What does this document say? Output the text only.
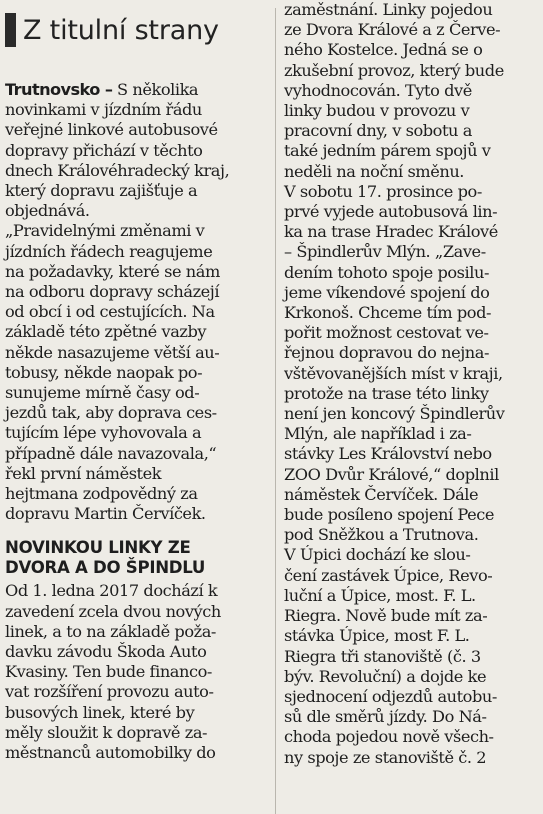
Z titulní strany

Trutnovsko – S několika
novinkami v jízdním řádu
veřejné linkové autobusové
dopravy přichází v těchto
dnech Královéhradecký kraj,
který dopravu zajišťuje a
objednává.

„Pravidelnými změnami v
jízdních řádech reagujeme
na požadavky, které se nám
na odboru dopravy scházejí
od obcí i od cestujících. Na
základě této zpětné vazby
někde nasazujeme větší au-
tobusy, někde naopak po-
sunujeme mírně časy od-
jezdů tak, aby doprava ces-
tujícím lépe vyhovovala a
případně dále navazovala,“
řekl první náměstek
hejtmana zodpovědný za
dopravu Martin Červíček.

NOVINKOU LINKY ZE
DVORA A DO ŠPINDLU

Od 1. ledna 2017 dochází k
zavedení zcela dvou nových
linek, a to na základě poža-
davku závodu Škoda Auto
Kvasiny. Ten bude financo-
vat rozšíření provozu auto-
busových linek, které by
měly sloužit k dopravě za-
městnanců automobilky do

zaměstnání. Linky pojedou
ze Dvora Králové a z Červe-
ného Kostelce. Jedná se o
zkušební provoz, který bude
vyhodnocován. Tyto dvě
linky budou v provozu v
pracovní dny, v sobotu a
také jedním párem spojů v
neděli na noční směnu.

V sobotu 17. prosince po-
prvé vyjede autobusová lin-
ka na trase Hradec Králové
– Špindlerův Mlýn. „Zave-
dením tohoto spoje posilu-
jeme víkendové spojení do
Krkonoš. Chceme tím pod-
pořit možnost cestovat ve-
řejnou dopravou do nejna-
vštěvovanějších míst v kraji,
protože na trase této linky
není jen koncový Špindlerův
Mlýn, ale například i za-
stávky Les Království nebo
ZOO Dvůr Králové,“ doplnil
náměstek Červíček. Dále
bude posíleno spojení Pece
pod Sněžkou a Trutnova.

V Úpici dochází ke slou-
čení zastávek Úpice, Revo-
luční a Úpice, most. F. L.
Riegra. Nově bude mít za-
stávka Úpice, most F. L.
Riegra tři stanoviště (č. 3
býv. Revoluční) a dojde ke
sjednocení odjezdů autobu-
sů dle směrů jízdy. Do Ná-
choda pojedou nově všech-
ny spoje ze stanoviště č. 2
